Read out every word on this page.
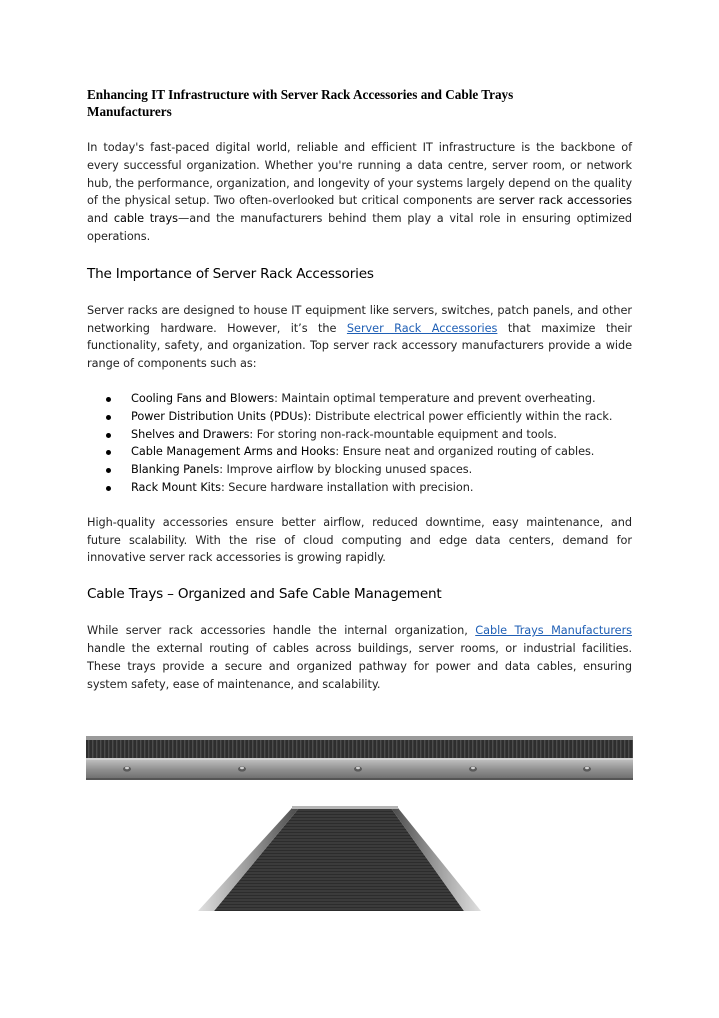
Enhancing IT Infrastructure with Server Rack Accessories and Cable Trays Manufacturers

In today's fast-paced digital world, reliable and efficient IT infrastructure is the backbone of every successful organization. Whether you're running a data centre, server room, or network hub, the performance, organization, and longevity of your systems largely depend on the quality of the physical setup. Two often-overlooked but critical components are server rack accessories and cable trays—and the manufacturers behind them play a vital role in ensuring optimized operations.

The Importance of Server Rack Accessories

Server racks are designed to house IT equipment like servers, switches, patch panels, and other networking hardware. However, it’s the Server Rack Accessories that maximize their functionality, safety, and organization. Top server rack accessory manufacturers provide a wide range of components such as:

Cooling Fans and Blowers: Maintain optimal temperature and prevent overheating.
Power Distribution Units (PDUs): Distribute electrical power efficiently within the rack.
Shelves and Drawers: For storing non-rack-mountable equipment and tools.
Cable Management Arms and Hooks: Ensure neat and organized routing of cables.
Blanking Panels: Improve airflow by blocking unused spaces.
Rack Mount Kits: Secure hardware installation with precision.

High-quality accessories ensure better airflow, reduced downtime, easy maintenance, and future scalability. With the rise of cloud computing and edge data centers, demand for innovative server rack accessories is growing rapidly.

Cable Trays – Organized and Safe Cable Management

While server rack accessories handle the internal organization, Cable Trays Manufacturers handle the external routing of cables across buildings, server rooms, or industrial facilities. These trays provide a secure and organized pathway for power and data cables, ensuring system safety, ease of maintenance, and scalability.
